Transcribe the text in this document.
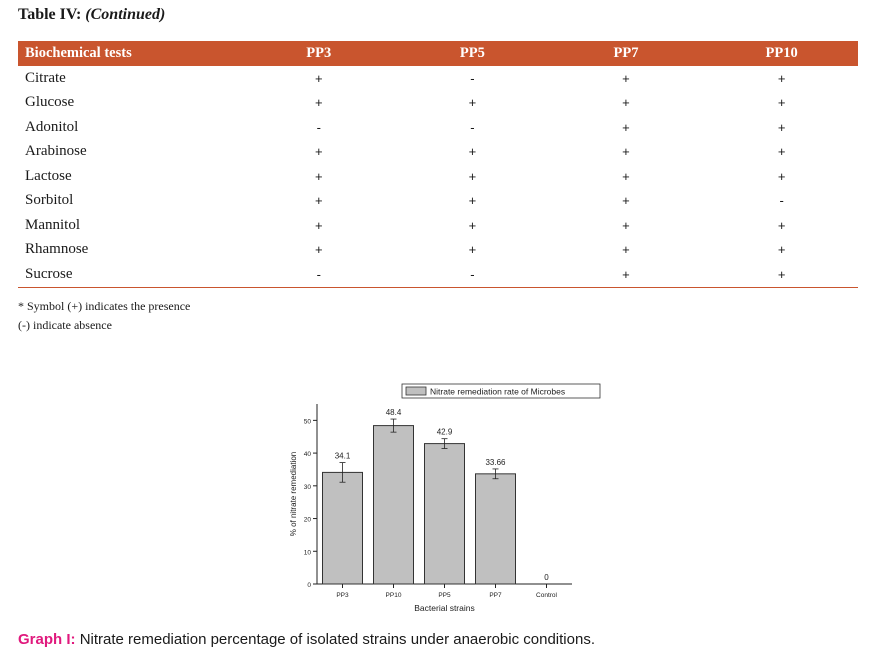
Table IV: (Continued)
Biochemical tests	PP3	PP5	PP7	PP10
Citrate	+	-	+	+
Glucose	+	+	+	+
Adonitol	-	-	+	+
Arabinose	+	+	+	+
Lactose	+	+	+	+
Sorbitol	+	+	+	-
Mannitol	+	+	+	+
Rhamnose	+	+	+	+
Sucrose	-	-	+	+
* Symbol (+) indicates the presence
(-) indicate absence
0
10
20
30
40
50
% of nitrate remediation	34.1
PP3
48.4
PP10
42.9
PP5
33.66
PP7
0
Control
Bacterial strains
Nitrate remediation rate of Microbes
Graph I: Nitrate remediation percentage of isolated strains under anaerobic conditions.
